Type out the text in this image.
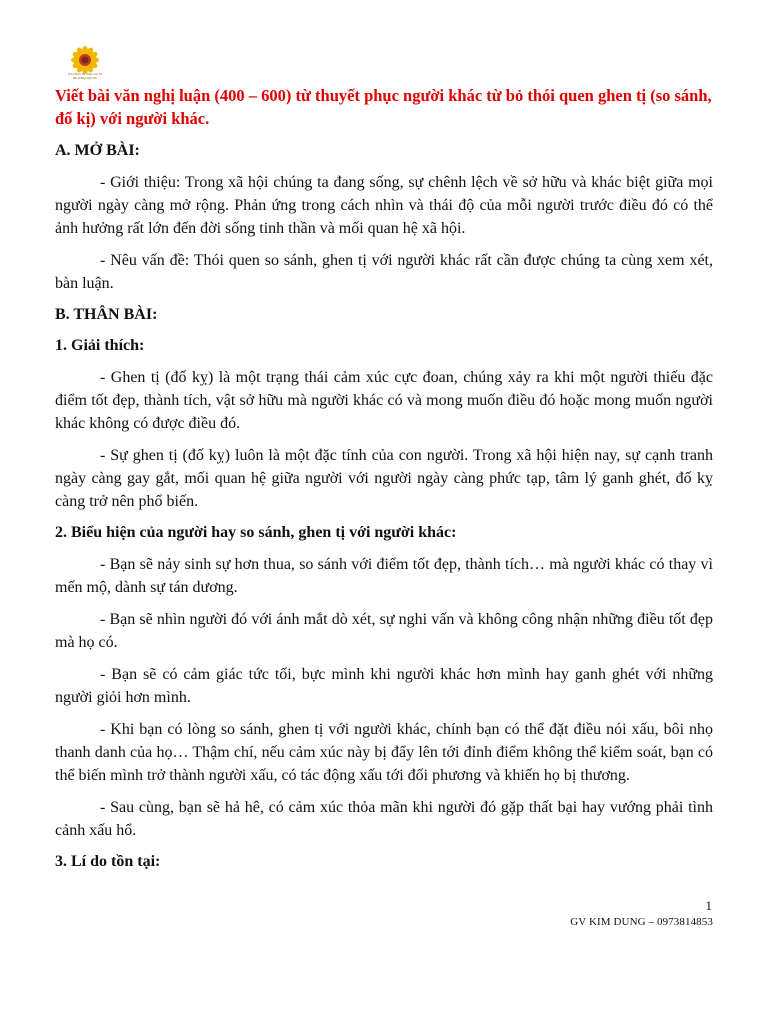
Trao Niềm Tin Nhận Giá Trị
Bồi dưỡng Ngữ Văn
Viết bài văn nghị luận (400 – 600) từ thuyết phục người khác từ bỏ thói quen ghen tị (so sánh, đố kị) với người khác.
A. MỞ BÀI:

- Giới thiệu: Trong xã hội chúng ta đang sống, sự chênh lệch về sở hữu và khác biệt giữa mọi người ngày càng mở rộng. Phản ứng trong cách nhìn và thái độ của mỗi người trước điều đó có thể ảnh hưởng rất lớn đến đời sống tinh thần và mối quan hệ xã hội.

- Nêu vấn đề: Thói quen so sánh, ghen tị với người khác rất cần được chúng ta cùng xem xét, bàn luận.

B. THÂN BÀI:
1. Giải thích:

- Ghen tị (đố kỵ) là một trạng thái cảm xúc cực đoan, chúng xảy ra khi một người thiếu đặc điểm tốt đẹp, thành tích, vật sở hữu mà người khác có và mong muốn điều đó hoặc mong muốn người khác không có được điều đó.

- Sự ghen tị (đố kỵ) luôn là một đặc tính của con người. Trong xã hội hiện nay, sự cạnh tranh ngày càng gay gắt, mối quan hệ giữa người với người ngày càng phức tạp, tâm lý ganh ghét, đố kỵ càng trở nên phổ biến.

2. Biểu hiện của người hay so sánh, ghen tị với người khác:

- Bạn sẽ nảy sinh sự hơn thua, so sánh với điểm tốt đẹp, thành tích… mà người khác có thay vì mến mộ, dành sự tán dương.

- Bạn sẽ nhìn người đó với ánh mắt dò xét, sự nghi vấn và không công nhận những điều tốt đẹp mà họ có.

- Bạn sẽ có cảm giác tức tối, bực mình khi người khác hơn mình hay ganh ghét với những người giỏi hơn mình.

- Khi bạn có lòng so sánh, ghen tị với người khác, chính bạn có thể đặt điều nói xấu, bôi nhọ thanh danh của họ… Thậm chí, nếu cảm xúc này bị đẩy lên tới đỉnh điểm không thể kiểm soát, bạn có thể biến mình trở thành người xấu, có tác động xấu tới đối phương và khiến họ bị thương.

- Sau cùng, bạn sẽ hả hê, có cảm xúc thỏa mãn khi người đó gặp thất bại hay vướng phải tình cảnh xấu hổ.

3. Lí do tồn tại:
1
GV KIM DUNG – 0973814853
